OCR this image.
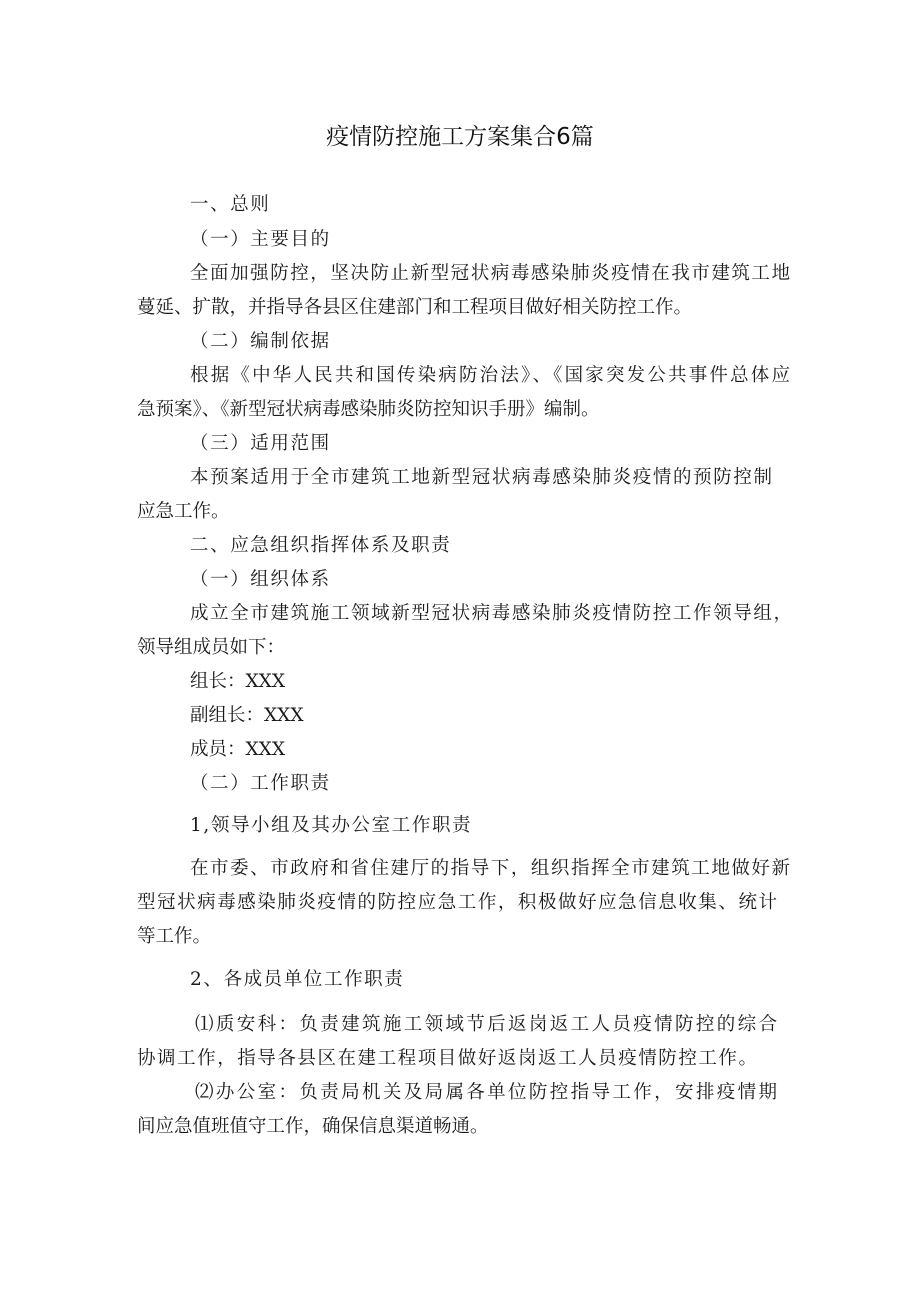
疫情防控施工方案集合6篇
一、总则
（一）主要目的
全面加强防控，坚决防止新型冠状病毒感染肺炎疫情在我市建筑工地
蔓延、扩散，并指导各县区住建部门和工程项目做好相关防控工作。
（二）编制依据
根据《中华人民共和国传染病防治法》、《国家突发公共事件总体应
急预案》、《新型冠状病毒感染肺炎防控知识手册》编制。
（三）适用范围
本预案适用于全市建筑工地新型冠状病毒感染肺炎疫情的预防控制
应急工作。
二、应急组织指挥体系及职责
（一）组织体系
成立全市建筑施工领域新型冠状病毒感染肺炎疫情防控工作领导组，
领导组成员如下：
组长：XXX
副组长：XXX
成员：XXX
（二）工作职责
1,领导小组及其办公室工作职责
在市委、市政府和省住建厅的指导下，组织指挥全市建筑工地做好新
型冠状病毒感染肺炎疫情的防控应急工作，积极做好应急信息收集、统计
等工作。
2、各成员单位工作职责
⑴质安科：负责建筑施工领域节后返岗返工人员疫情防控的综合
协调工作，指导各县区在建工程项目做好返岗返工人员疫情防控工作。
⑵办公室：负责局机关及局属各单位防控指导工作，安排疫情期
间应急值班值守工作，确保信息渠道畅通。
